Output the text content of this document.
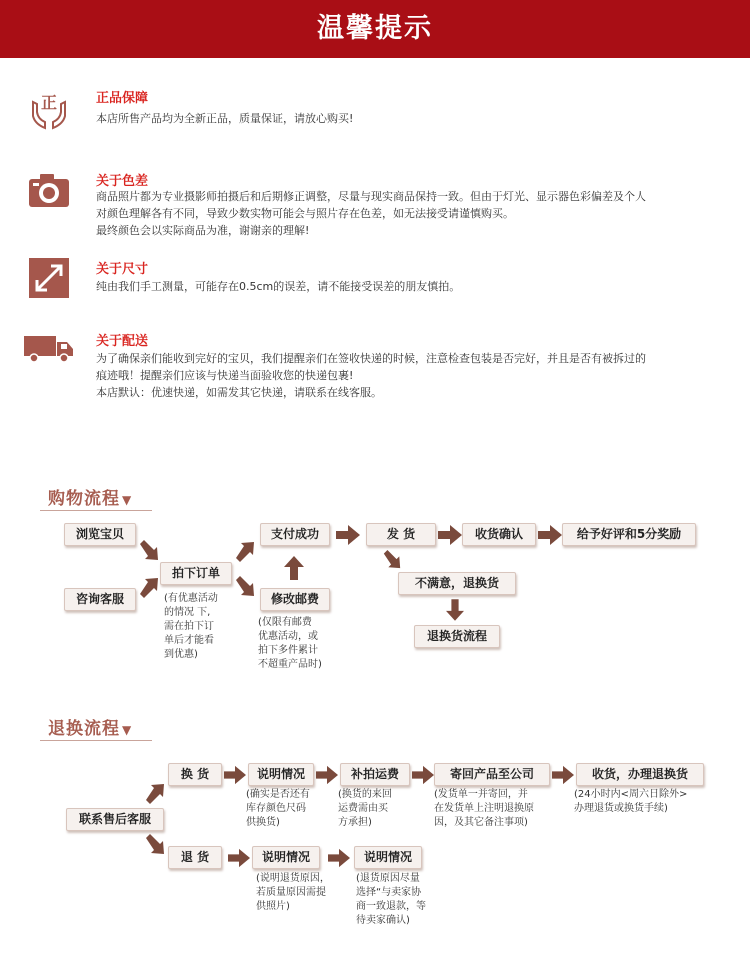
温馨提示
正	正品保障
本店所售产品均为全新正品，质量保证，请放心购买!
关于色差
商品照片都为专业摄影师拍摄后和后期修正调整，尽量与现实商品保持一致。但由于灯光、显示器色彩偏差及个人
对颜色理解各有不同，导致少数实物可能会与照片存在色差，如无法接受请谨慎购买。
最终颜色会以实际商品为准，谢谢亲的理解!
关于尺寸
纯由我们手工测量，可能存在0.5cm的误差，请不能接受误差的朋友慎拍。
关于配送
为了确保亲们能收到完好的宝贝，我们提醒亲们在签收快递的时候，注意检查包装是否完好，并且是否有被拆过的
痕迹哦！提醒亲们应该与快递当面验收您的快递包裹!
本店默认：优速快递，如需发其它快递，请联系在线客服。
购物流程 ▼
浏览宝贝
咨询客服
拍下订单
(有优惠活动
的情况 下,
需在拍下订
单后才能看
到优惠)
支付成功
修改邮费
(仅限有邮费
优惠活动，或
拍下多件累计
不超重产品时)
发 货	收货确认	给予好评和5分奖励
不满意，退换货
退换货流程
退换流程 ▼
联系售后客服
换 货	说明情况
(确实是否还有
库存颜色尺码
供换货)
补拍运费
(换货的来回
运费需由买
方承担)
寄回产品至公司
(发货单一并寄回，并
在发货单上注明退换原
因，及其它备注事项)
收货，办理退换货
(24小时内<周六日除外>
办理退货或换货手续)
退 货	说明情况
(说明退货原因，
若质量原因需提
供照片)
说明情况
(退货原因尽量
选择“与卖家协
商一致退款，等
待卖家确认)
